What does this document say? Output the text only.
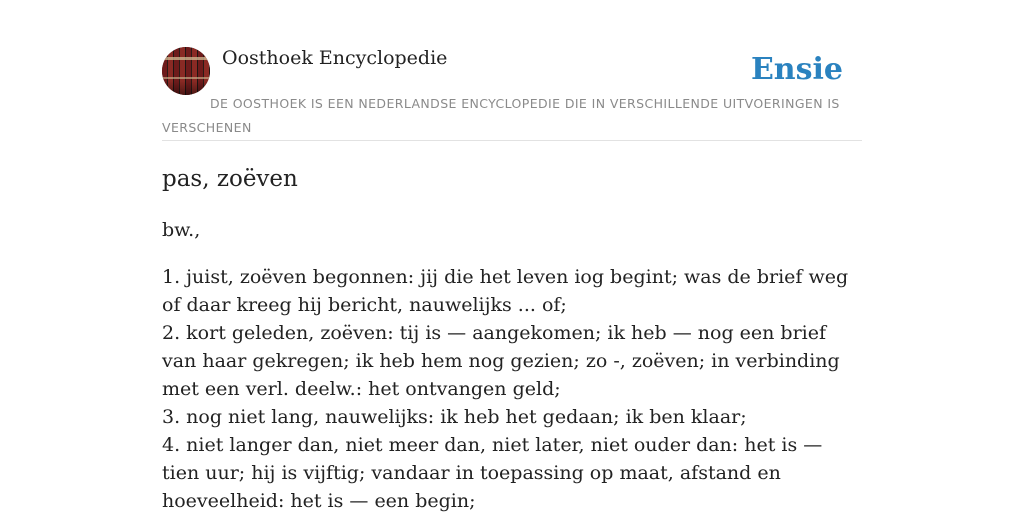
Oosthoek Encyclopedie	Ensie
DE OOSTHOEK IS EEN NEDERLANDSE ENCYCLOPEDIE DIE IN VERSCHILLENDE UITVOERINGEN IS VERSCHENEN
pas, zoëven
bw.,
1. juist, zoëven begonnen: jij die het leven iog begint; was de brief weg of daar kreeg hij bericht, nauwelijks ... of;
2. kort geleden, zoëven: tij is — aangekomen; ik heb — nog een brief van haar gekregen; ik heb hem nog gezien; zo -, zoëven; in verbinding met een verl. deelw.: het ontvangen geld;
3. nog niet lang, nauwelijks: ik heb het gedaan; ik ben klaar;
4. niet langer dan, niet meer dan, niet later, niet ouder dan: het is — tien uur; hij is vijftig; vandaar in toepassing op maat, afstand en hoeveelheid: het is — een begin;
